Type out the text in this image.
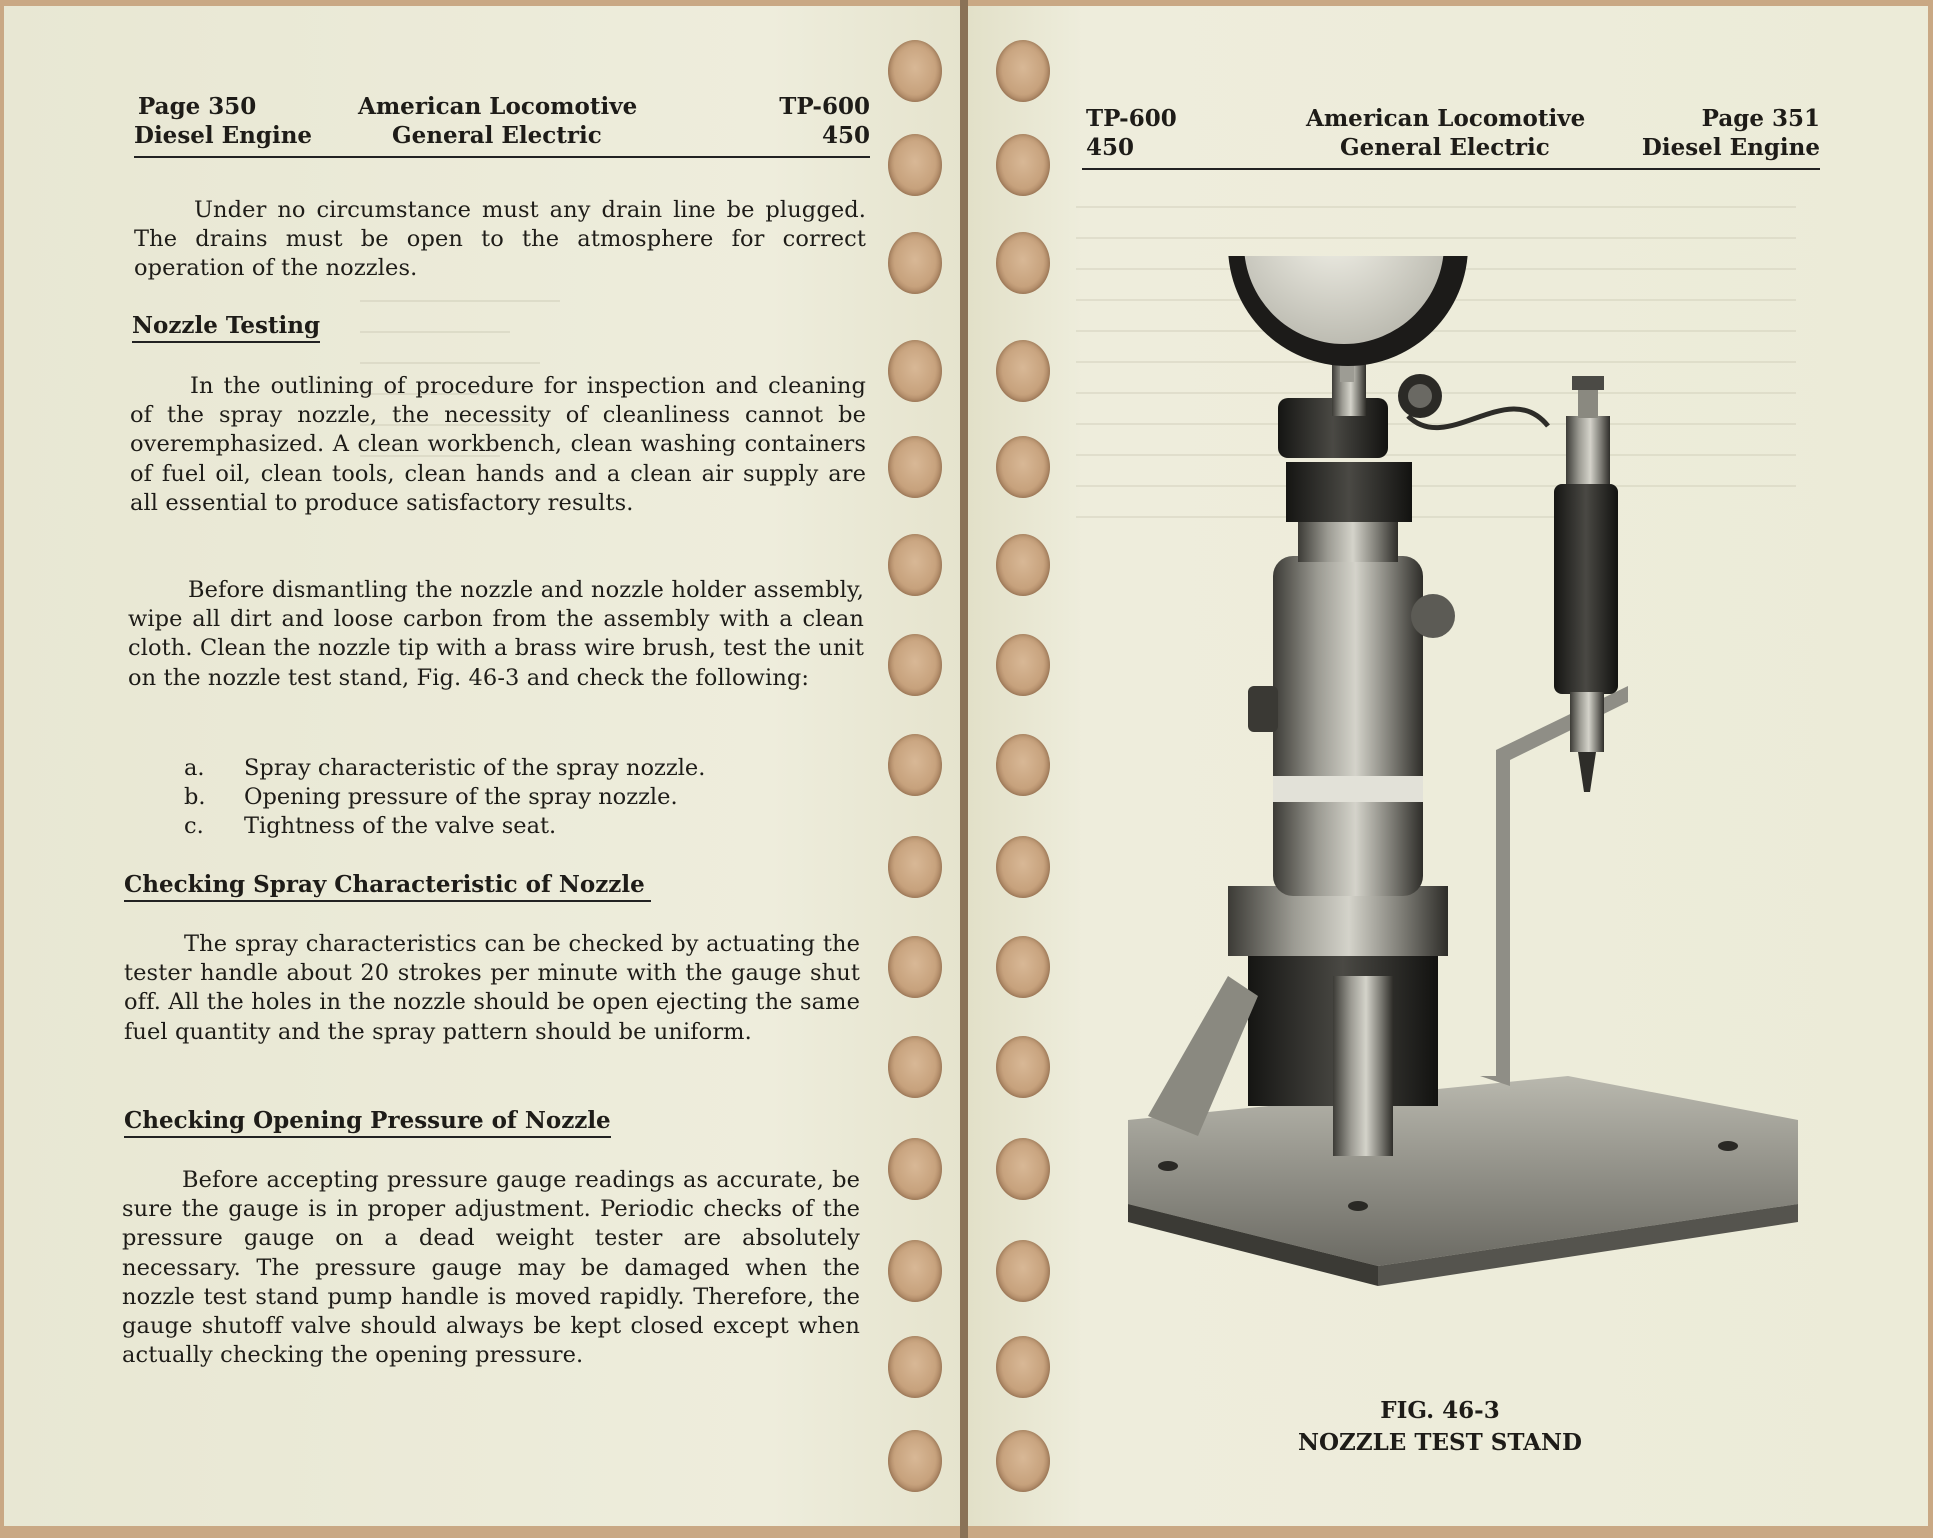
Page 350	American Locomotive	TP-600
Diesel Engine	General Electric	450

Under no circumstance must any drain line be plugged. The drains must be open to the atmosphere for correct operation of the nozzles.

Nozzle Testing

In the outlining of procedure for inspection and cleaning of the spray nozzle, the necessity of cleanliness cannot be overemphasized. A clean workbench, clean washing containers of fuel oil, clean tools, clean hands and a clean air supply are all essential to produce satisfactory results.

Before dismantling the nozzle and nozzle holder assembly, wipe all dirt and loose carbon from the assembly with a clean cloth. Clean the nozzle tip with a brass wire brush, test the unit on the nozzle test stand, Fig. 46-3 and check the following:

a.	Spray characteristic of the spray nozzle.
b.	Opening pressure of the spray nozzle.
c.	Tightness of the valve seat.
Checking Spray Characteristic of Nozzle

The spray characteristics can be checked by actuating the tester handle about 20 strokes per minute with the gauge shut off. All the holes in the nozzle should be open ejecting the same fuel quantity and the spray pattern should be uniform.

Checking Opening Pressure of Nozzle

Before accepting pressure gauge readings as accurate, be sure the gauge is in proper adjustment. Periodic checks of the pressure gauge on a dead weight tester are absolutely necessary. The pressure gauge may be damaged when the nozzle test stand pump handle is moved rapidly. Therefore, the gauge shutoff valve should always be kept closed except when actually checking the opening pressure.

TP-600	American Locomotive	Page 351
450	General Electric	Diesel Engine
FIG. 46-3
NOZZLE TEST STAND
